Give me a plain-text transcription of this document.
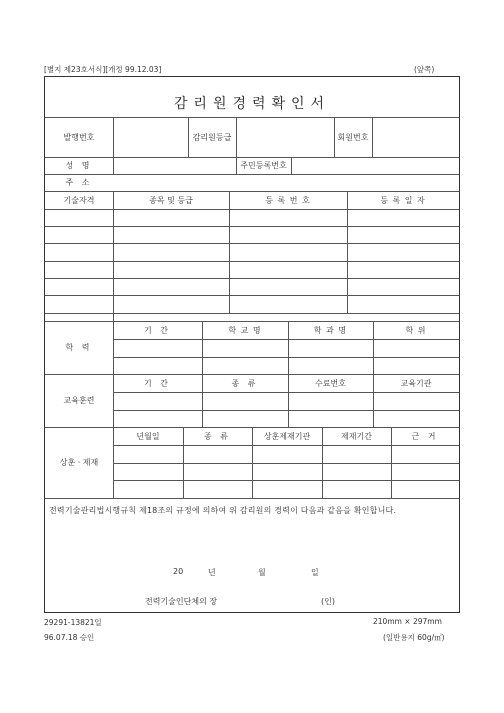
[별지 제23호서식][개정 99.12.03]	(앞쪽)
감리원경력확인서
발행번호	감리원등급	회원번호
성 명	주민등록번호
주 소
기술자격	종목 및 등급	등 록 번 호	등 록 일 자
학 력
기 간	학 교 명	학 과 명	학 위
교육훈련
기 간	종 류	수료번호	교육기관
상훈 · 제재
년월일	종 류	상훈제재기관	제재기간	근 거
전력기술관리법시행규칙 제18조의 규정에 의하여 위 감리원의 경력이 다음과 같음을 확인합니다.
20	년	월	일
전력기술인단체의 장	(인)
29291-13821일
96.07.18 승인
210mm × 297mm
(일반용지 60g/㎡)
